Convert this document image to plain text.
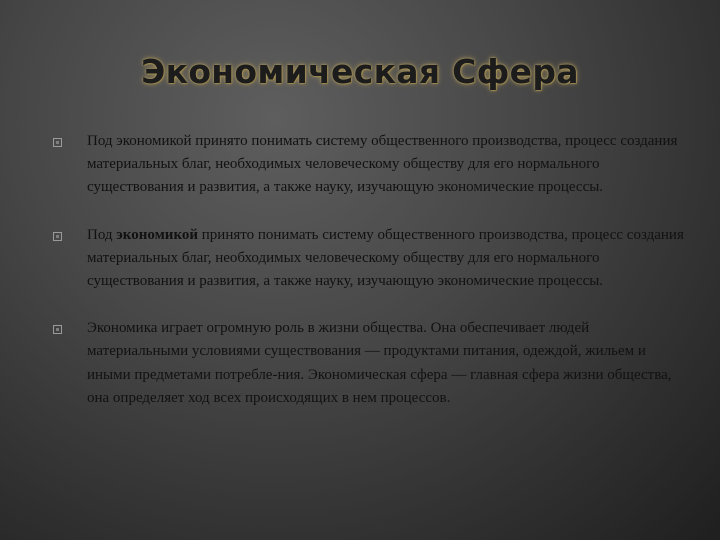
Экономическая Сфера

Под экономикой принято понимать систему общественного производства, процесс создания материальных благ, необходимых человеческому обществу для его нормального существования и развития, а также науку, изучающую экономические процессы.

Под экономикой принято понимать систему общественного производства, процесс создания материальных благ, необходимых человеческому обществу для его нормального существования и развития, а также науку, изучающую экономические процессы.

Экономика играет огромную роль в жизни общества. Она обеспечивает людей материальными условиями существования — продуктами питания, одеждой, жильем и иными предметами потребле-ния. Экономическая сфера — главная сфера жизни общества, она определяет ход всех происходящих в нем процессов.
